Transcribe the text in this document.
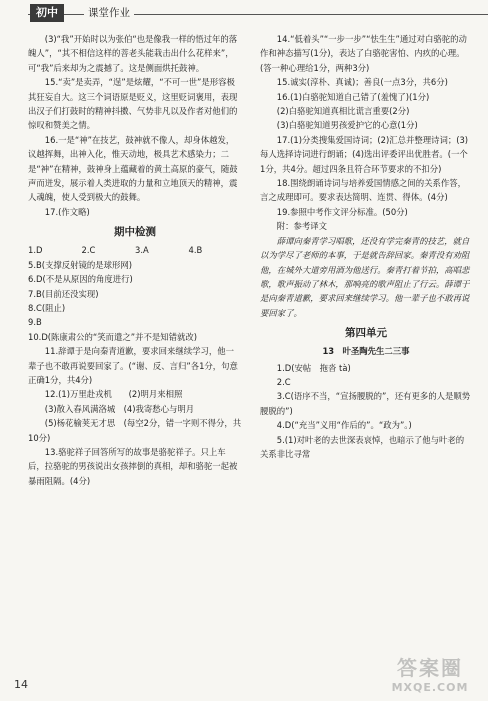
初中	课堂作业

(3)“我”开始时以为张伯“也是像我一样的悟过年的落魄人”，“其不相信这样的菩老头能栽击出什么花样来”，可“我”后来却为之震撼了。这是侧面烘托鼓神。

15.“卖”是卖弄，“逞”是炫耀，“不可一世”是形容极其狂妄自大。这三个词语原是贬义，这里贬词褒用，表现出汉子们打鼓时的精神抖擞、气势非凡以及作者对他们的惊叹和赞美之情。

16.一是“神”在技艺，鼓神就不像人，却身体越发，议越挥舞，出神入化，惟天动地，极具艺术感染力；二是“神”在精神，鼓神身上蕴藏着的黄土高原的豪气，随鼓声而迸发，展示着人类进取的力量和立地顶天的精神，震人魂魄，使人受到极大的鼓舞。

17.(作文略)

期中检测
1.D	2.C	3.A	4.B

5.B(支撑反射镜的是球形网)

6.D(不是从原因的角度进行)

7.B(目前还没实现)

8.C(阻止)

9.B

10.D(陈康肃公的“笑而遣之”并不是知错就改)

11.辞谭于是向秦青道歉，要求回来继续学习，他一辈子也不敢再说要回家了。(“谢、反、言归”各1分，句意正确1分，共4分)

12.(1)万里赴戎机　　(2)明月来相照

(3)散入春风满洛城　(4)我寄愁心与明月

(5)杨花榆荚无才思　(每空2分，错一字则不得分，共10分)

13.骆驼祥子回答所写的故事是骆驼祥子。只上车后，拉骆驼的男孩说出女孩摔倒的真相，却和骆驼一起被暴雨阻隔。(4分)

14.“低着头”“一步一步”“怯生生”通过对白骆驼的动作和神态描写(1分)，表达了白骆驼害怕、内疚的心理。(答一种心理给1分，两种3分)

15.诚实(淳朴、真诚)；善良(一点3分，共6分)

16.(1)白骆驼知道自己错了(羞愧了)(1分)

(2)白骆驼知道真相比谎言重要(2分)

(3)白骆驼知道男孩爱护它的心意(1分)

17.(1)分类搜集爱国诗词；(2)汇总并整理诗词；(3)每人选择诗词进行朗诵；(4)选出评委评出优胜者。(一个1分，共4分。超过四条且符合环节要求的不扣分)

18.围绕朗诵诗词与培养爱国情感之间的关系作答，言之成理即可。要求表达简明、连贯、得体。(4分)

19.参照中考作文评分标准。(50分)

附：参考译文

薛谭向秦青学习唱歌，还没有学完秦青的技艺，就自以为学尽了老师的本事，于是就告辞回家。秦青没有劝阻他，在城外大道旁用酒为他送行。秦青打着节拍，高唱悲歌，歌声振动了林木，那响亮的歌声阻止了行云。薛谭于是向秦青道歉，要求回来继续学习。他一辈子也不敢再说要回家了。

第四单元
13　叶圣陶先生二三事

1.D(安帖　拖沓 tà)

2.C

3.C(语序不当，“宣扬腰脱的”，还有更多的人是顺势腰脱的”)

4.D(“充当”义用“作后的”。“政为”。)

5.(1)对叶老的去世深表哀悼，也暗示了他与叶老的关系非比寻常

14
答案圈
MXQE.COM
